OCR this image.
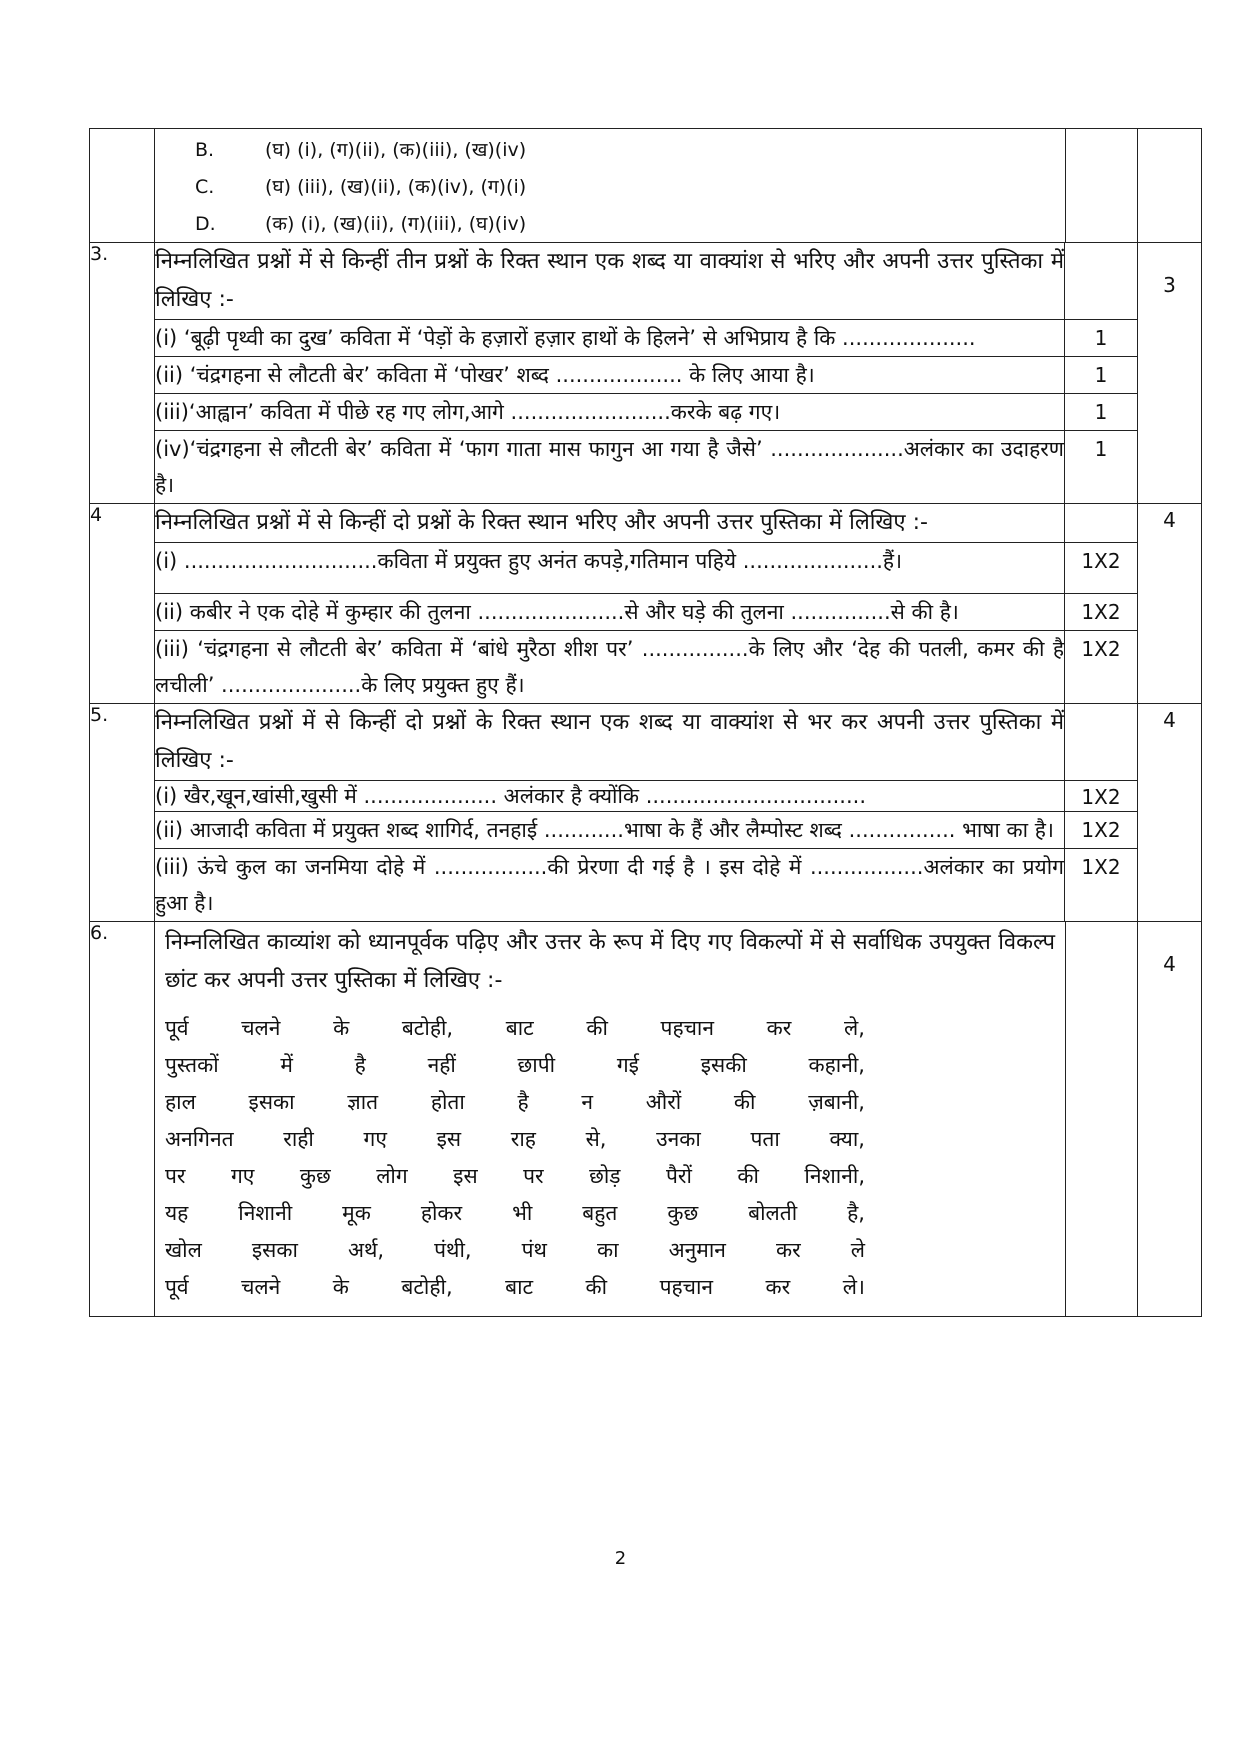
B.	(घ) (i), (ग)(ii), (क)(iii), (ख)(iv)
C.	(घ) (iii), (ख)(ii), (क)(iv), (ग)(i)
D.	(क) (i), (ख)(ii), (ग)(iii), (घ)(iv)

3.	निम्नलिखित प्रश्नों में से किन्हीं तीन प्रश्नों के रिक्त स्थान एक शब्द या वाक्यांश से भरिए और अपनी उत्तर पुस्तिका में लिखिए :-	
(i) ‘बूढ़ी पृथ्वी का दुख’ कविता में ‘पेड़ों के हज़ारों हज़ार हाथों के हिलने’ से अभिप्राय है कि ....................	1
(ii) ‘चंद्रगहना से लौटती बेर’ कविता में ‘पोखर’ शब्द ................... के लिए आया है।	1
(iii)‘आह्वान’ कविता में पीछे रह गए लोग,आगे ........................करके बढ़ गए।	1
(iv)‘चंद्रगहना से लौटती बेर’ कविता में ‘फाग गाता मास फागुन आ गया है जैसे’ ....................अलंकार का उदाहरण है।	1

3

4	निम्नलिखित प्रश्नों में से किन्हीं दो प्रश्नों के रिक्त स्थान भरिए और अपनी उत्तर पुस्तिका में लिखिए :-	
(i) .............................कविता में प्रयुक्त हुए अनंत कपड़े,गतिमान पहिये .....................हैं।	1X2
(ii) कबीर ने एक दोहे में कुम्हार की तुलना ......................से और घड़े की तुलना ...............से की है।	1X2
(iii) ‘चंद्रगहना से लौटती बेर’ कविता में ‘बांधे मुरैठा शीश पर’ ................के लिए और ‘देह की पतली, कमर की है लचीली’ .....................के लिए प्रयुक्त हुए हैं।	1X2

4

5.	निम्नलिखित प्रश्नों में से किन्हीं दो प्रश्नों के रिक्त स्थान एक शब्द या वाक्यांश से भर कर अपनी उत्तर पुस्तिका में लिखिए :-	
(i) खैर,खून,खांसी,खुसी में .................... अलंकार है क्योंकि .................................	1X2
(ii) आजादी कविता में प्रयुक्त शब्द शागिर्द, तनहाई ............भाषा के हैं और लैम्पोस्ट शब्द ................ भाषा का है।	1X2
(iii) ऊंचे कुल का जनमिया दोहे में .................की प्रेरणा दी गई है । इस दोहे में .................अलंकार का प्रयोग हुआ है।	1X2

4

6.	निम्नलिखित काव्यांश को ध्यानपूर्वक पढ़िए और उत्तर के रूप में दिए गए विकल्पों में से सर्वाधिक उपयुक्त विकल्प छांट कर अपनी उत्तर पुस्तिका में लिखिए :-
पूर्व	चलने	के	बटोही,	बाट	की	पहचान	कर	ले,
पुस्तकों	में	है	नहीं	छापी	गई	इसकी	कहानी,
हाल	इसका	ज्ञात	होता	है	न	औरों	की	ज़बानी,
अनगिनत राही गए इस राह से, उनका पता क्या,
पर गए कुछ लोग इस पर छोड़ पैरों की निशानी,
यह निशानी मूक होकर भी बहुत कुछ बोलती है,
खोल इसका अर्थ, पंथी, पंथ का अनुमान कर ले
पूर्व चलने के बटोही, बाट की पहचान कर ले।

4
2
